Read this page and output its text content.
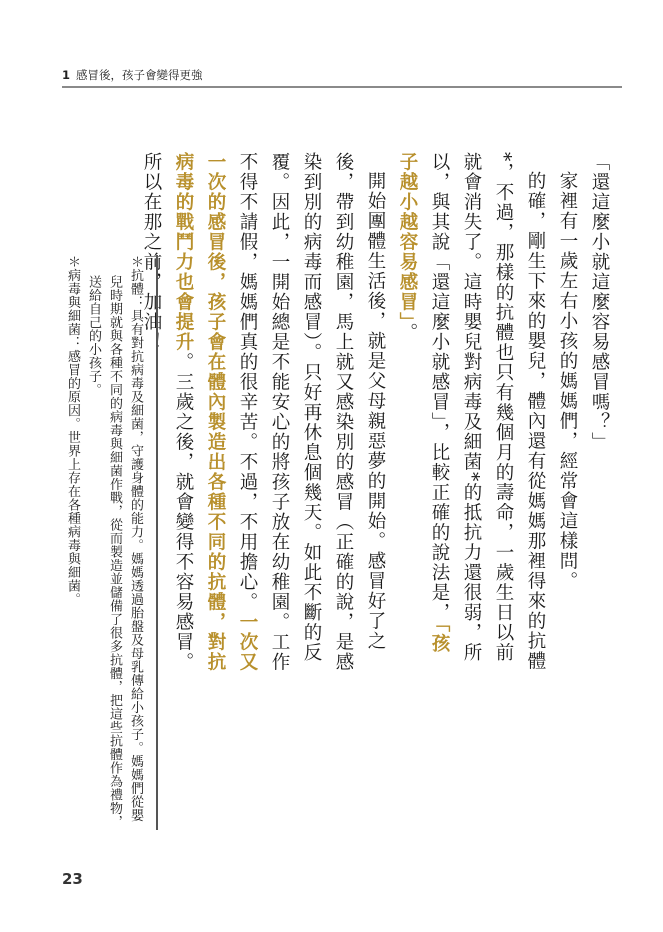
1 感冒後，孩子會變得更強

「還這麼小就這麼容易感冒嗎？」

家裡有一歲左右小孩的媽媽們，經常會這樣問。

的確，剛生下來的嬰兒，體內還有從媽媽那裡得來的抗體*，不過，那樣的抗體也只有幾個月的壽命，一歲生日以前就會消失了。這時嬰兒對病毒及細菌*的抵抗力還很弱，所以，與其說「還這麼小就感冒」，比較正確的說法是，「孩子越小越容易感冒」。

開始團體生活後，就是父母親惡夢的開始。感冒好了之後，帶到幼稚園，馬上就又感染別的感冒（正確的說，是感染到別的病毒而感冒）。只好再休息個幾天。如此不斷的反覆。因此，一開始總是不能安心的將孩子放在幼稚園。工作不得不請假，媽媽們真的很辛苦。不過，不用擔心。一次又一次的感冒後，孩子會在體內製造出各種不同的抗體，對抗病毒的戰鬥力也會提升。三歲之後，就會變得不容易感冒。所以在那之前，加油！

＊抗體：具有對抗病毒及細菌，守護身體的能力。媽媽透過胎盤及母乳傳給小孩子。媽媽們從嬰兒時期就與各種不同的病毒與細菌作戰，從而製造並儲備了很多抗體，把這些抗體作為禮物，送給自己的小孩子。

＊病毒與細菌：感冒的原因。世界上存在各種病毒與細菌。

23
